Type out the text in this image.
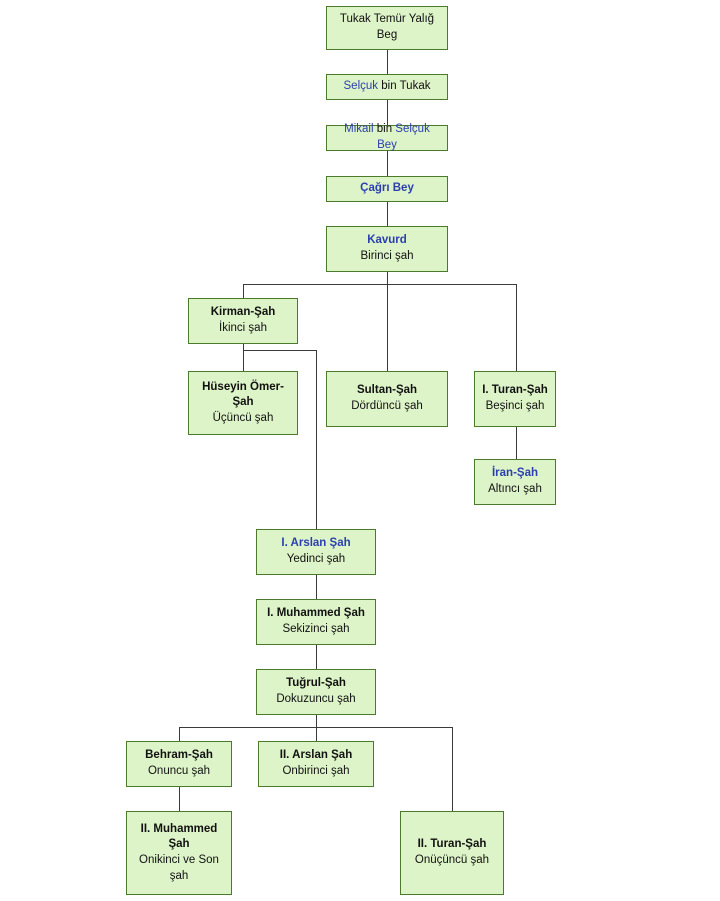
Tukak Temür Yalığ
Beg
Selçuk bin Tukak
Mikail bin Selçuk Bey
Çağrı Bey
Kavurd
Birinci şah
Kirman-Şah
İkinci şah
Hüseyin Ömer-
Şah
Üçüncü şah
Sultan-Şah
Dördüncü şah
I. Turan-Şah
Beşinci şah
İran-Şah
Altıncı şah
I. Arslan Şah
Yedinci şah
I. Muhammed Şah
Sekizinci şah
Tuğrul-Şah
Dokuzuncu şah
Behram-Şah
Onuncu şah
II. Arslan Şah
Onbirinci şah
II. Muhammed
Şah
Onikinci ve Son
şah
II. Turan-Şah
Onüçüncü şah
